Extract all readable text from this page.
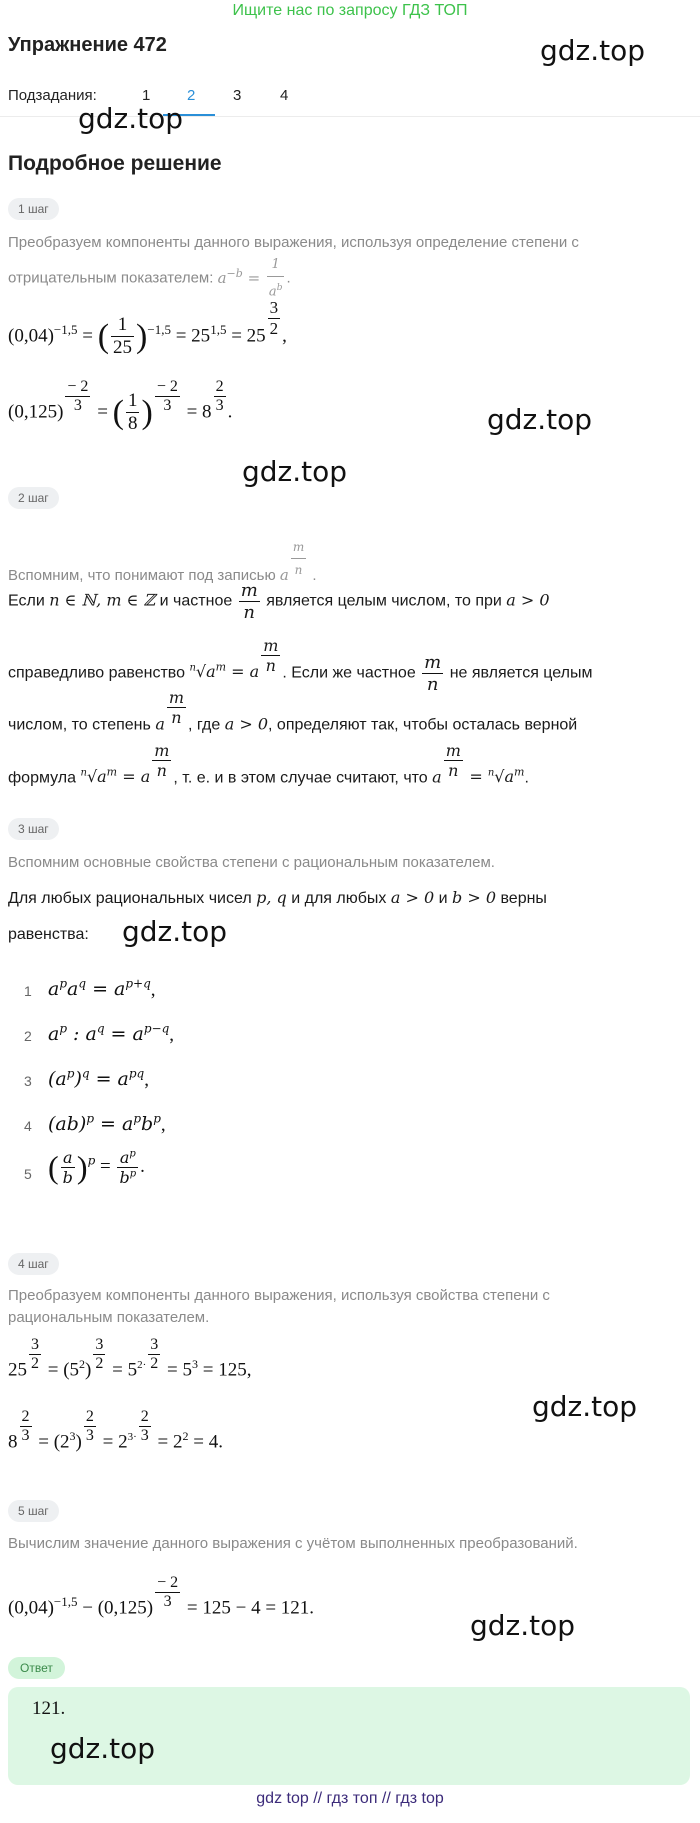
Ищите нас по запросу ГДЗ ТОП
Упражнение 472	gdz.top
Подзадания:	1 2	3	4
gdz.top
Подробное решение
1 шаг
Преобразуем компоненты данного выражения, используя определение степени с отрицательным показателем: $a^{-b} = \frac{1}{a^b}$ .
$(0,04)^{-1,5}$ = ( $\frac{1}{25} )^{-1,5} = 25^{1,5} = 25 \frac{3}{2}$ ,
$(0,125) \frac{- 2}{3}$ = ( $\frac{1}{8}$ ) $\frac{- 2}{3} = 8 \frac{2}{3}$ .	gdz.top
gdz.top
2 шаг
Вспомним, что понимают под записью a $\frac{m}{n}$ .
Если n ∈ ℕ, m ∈ ℤ и частное $\frac{m}{n}$ является целым числом, то при a > 0
справедливо равенство $^n√a^m = a \frac{m}{n}$ . Если же частное $\frac{m}{n}$ не является целым
числом, то степень a $\frac{m}{n}$ , где a > 0, определяют так, чтобы осталась верной
формула $^n√a^m = a \frac{m}{n}$ , т. е. и в этом случае считают, что a $\frac{m}{n} = ^n√a^m$.
3 шаг
Вспомним основные свойства степени с рациональным показателем.
Для любых рациональных чисел p, q и для любых a > 0 и b > 0 верны
равенства: gdz.top
1 $a^pa^q = a^{p+q}$,
2 $a^p$ : $a^q = a^{p-q}$,
3 $(a^p)^q = a^{pq}$,
4 $(ab)^p = a^pb^p$,
5 ( $\frac{a}{b} )^p = \frac{a^p}{b^p}$ .
4 шаг
Преобразуем компоненты данного выражения, используя свойства степени с рациональным показателем.
$25 \frac{3}{2} = (5^2) \frac{3}{2} = 5^{2\cdot} \frac{3}{2} = 5^3 = 125$,
$8 \frac{2}{3} = (2^3) \frac{2}{3} = 2^{3\cdot} \frac{2}{3} = 2^2 = 4$.
gdz.top
5 шаг
Вычислим значение данного выражения с учётом выполненных преобразований.
$(0,04)^{-1,5} - (0,125) \frac{- 2}{3} = 125 - 4 = 121$.
gdz.top
Ответ
121.
gdz.top
gdz top // гдз топ // гдз top
